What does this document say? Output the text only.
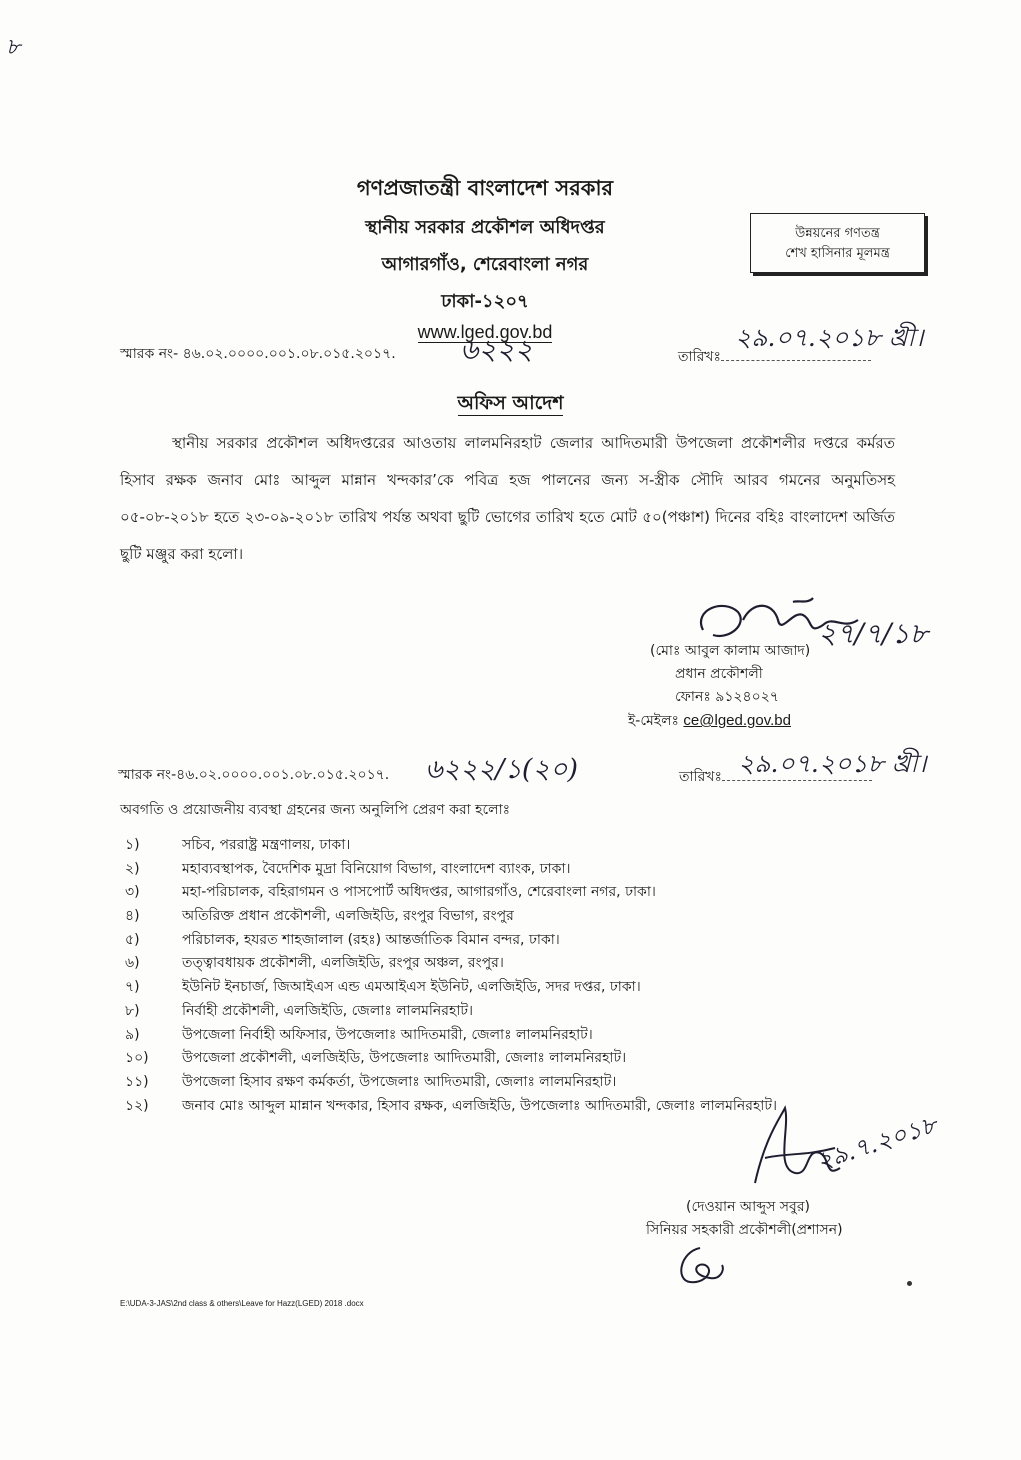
৮
গণপ্রজাতন্ত্রী বাংলাদেশ সরকার
স্থানীয় সরকার প্রকৌশল অধিদপ্তর
আগারগাঁও, শেরেবাংলা নগর
ঢাকা-১২০৭
www.lged.gov.bd
উন্নয়নের গণতন্ত্র
শেখ হাসিনার মূলমন্ত্র
স্মারক নং- ৪৬.০২.০০০০.০০১.০৮.০১৫.২০১৭. ৬২২২	তারিখঃ
২৯.০৭.২০১৮ খ্রী।
অফিস আদেশ
স্থানীয় সরকার প্রকৌশল অধিদপ্তরের আওতায় লালমনিরহাট জেলার আদিতমারী উপজেলা প্রকৌশলীর দপ্তরে কর্মরত হিসাব রক্ষক জনাব মোঃ আব্দুল মান্নান খন্দকার’কে পবিত্র হজ পালনের জন্য স-স্ত্রীক সৌদি আরব গমনের অনুমতিসহ ০৫-০৮-২০১৮ হতে ২৩-০৯-২০১৮ তারিখ পর্যন্ত অথবা ছুটি ভোগের তারিখ হতে মোট ৫০(পঞ্চাশ) দিনের বহিঃ বাংলাদেশ অর্জিত ছুটি মঞ্জুর করা হলো।
২৭/৭/১৮
(মোঃ আবুল কালাম আজাদ)
প্রধান প্রকৌশলী
ফোনঃ ৯১২৪০২৭
ই-মেইলঃ ce@lged.gov.bd
স্মারক নং-৪৬.০২.০০০০.০০১.০৮.০১৫.২০১৭. ৬২২২/১(২০)	তারিখঃ ২৯.০৭.২০১৮ খ্রী।
অবগতি ও প্রয়োজনীয় ব্যবস্থা গ্রহনের জন্য অনুলিপি প্রেরণ করা হলোঃ
১)	সচিব, পররাষ্ট্র মন্ত্রণালয়, ঢাকা।
২)	মহাব্যবস্থাপক, বৈদেশিক মুদ্রা বিনিয়োগ বিভাগ, বাংলাদেশ ব্যাংক, ঢাকা।
৩)	মহা-পরিচালক, বহিরাগমন ও পাসপোর্ট অধিদপ্তর, আগারগাঁও, শেরেবাংলা নগর, ঢাকা।
৪)	অতিরিক্ত প্রধান প্রকৌশলী, এলজিইডি, রংপুর বিভাগ, রংপুর
৫)	পরিচালক, হযরত শাহজালাল (রহঃ) আন্তর্জাতিক বিমান বন্দর, ঢাকা।
৬)	তত্ত্বাবধায়ক প্রকৌশলী, এলজিইডি, রংপুর অঞ্চল, রংপুর।
৭)	ইউনিট ইনচার্জ, জিআইএস এন্ড এমআইএস ইউনিট, এলজিইডি, সদর দপ্তর, ঢাকা।
৮)	নির্বাহী প্রকৌশলী, এলজিইডি, জেলাঃ লালমনিরহাট।
৯)	উপজেলা নির্বাহী অফিসার, উপজেলাঃ আদিতমারী, জেলাঃ লালমনিরহাট।
১০) উপজেলা প্রকৌশলী, এলজিইডি, উপজেলাঃ আদিতমারী, জেলাঃ লালমনিরহাট।
১১) উপজেলা হিসাব রক্ষণ কর্মকর্তা, উপজেলাঃ আদিতমারী, জেলাঃ লালমনিরহাট।
১২) জনাব মোঃ আব্দুল মান্নান খন্দকার, হিসাব রক্ষক, এলজিইডি, উপজেলাঃ আদিতমারী, জেলাঃ লালমনিরহাট।
২৯.৭.২০১৮
(দেওয়ান আব্দুস সবুর)
সিনিয়র সহকারী প্রকৌশলী(প্রশাসন)
E:\UDA-3-JAS\2nd class & others\Leave for Hazz(LGED) 2018 .docx
